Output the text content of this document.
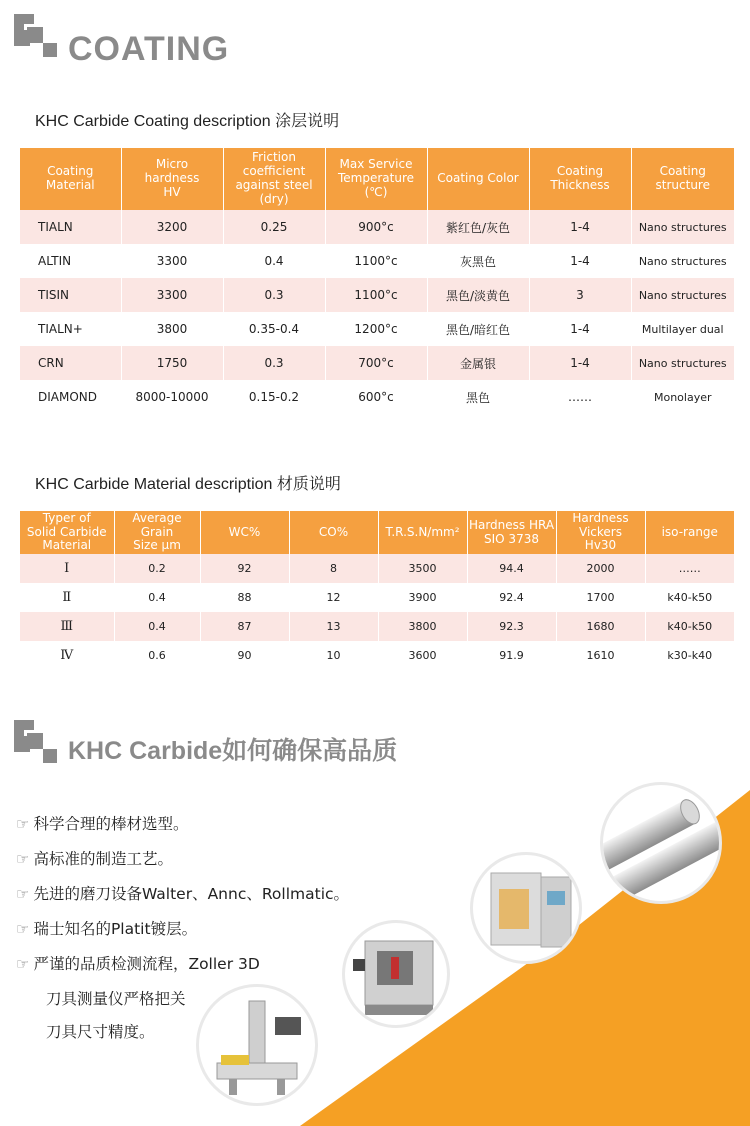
COATING
KHC Carbide Coating description 涂层说明
Coating
Material	Micro
hardness
HV	Friction
coefficient
against steel
(dry)	Max Service
Temperature
(℃)	Coating Color	Coating
Thickness	Coating
structure
TIALN	3200	0.25	900°c	紫红色/灰色	1-4	Nano structures
ALTIN	3300	0.4	1100°c	灰黑色	1-4	Nano structures
TISIN	3300	0.3	1100°c	黑色/淡黄色	3	Nano structures
TIALN+	3800	0.35-0.4	1200°c	黑色/暗红色	1-4	Multilayer dual
CRN	1750	0.3	700°c	金属银	1-4	Nano structures
DIAMOND	8000-10000	0.15-0.2	600°c	黑色	……	Monolayer
KHC Carbide Material description 材质说明
Typer of
Solid Carbide
Material	Average Grain
Size μm	WC%	CO%	T.R.S.N/mm²	Hardness HRA
SIO 3738	Hardness
Vickers
Hv30	iso-range
Ⅰ	0.2	92	8	3500	94.4	2000	……
Ⅱ	0.4	88	12	3900	92.4	1700	k40-k50
Ⅲ	0.4	87	13	3800	92.3	1680	k40-k50
Ⅳ	0.6	90	10	3600	91.9	1610	k30-k40
KHC Carbide如何确保高品质
☞ 科学合理的棒材选型。
☞ 高标准的制造工艺。
☞ 先进的磨刀设备Walter、Annc、Rollmatic。
☞ 瑞士知名的Platit镀层。
☞ 严谨的品质检测流程，Zoller 3D
刀具测量仪严格把关
刀具尺寸精度。
